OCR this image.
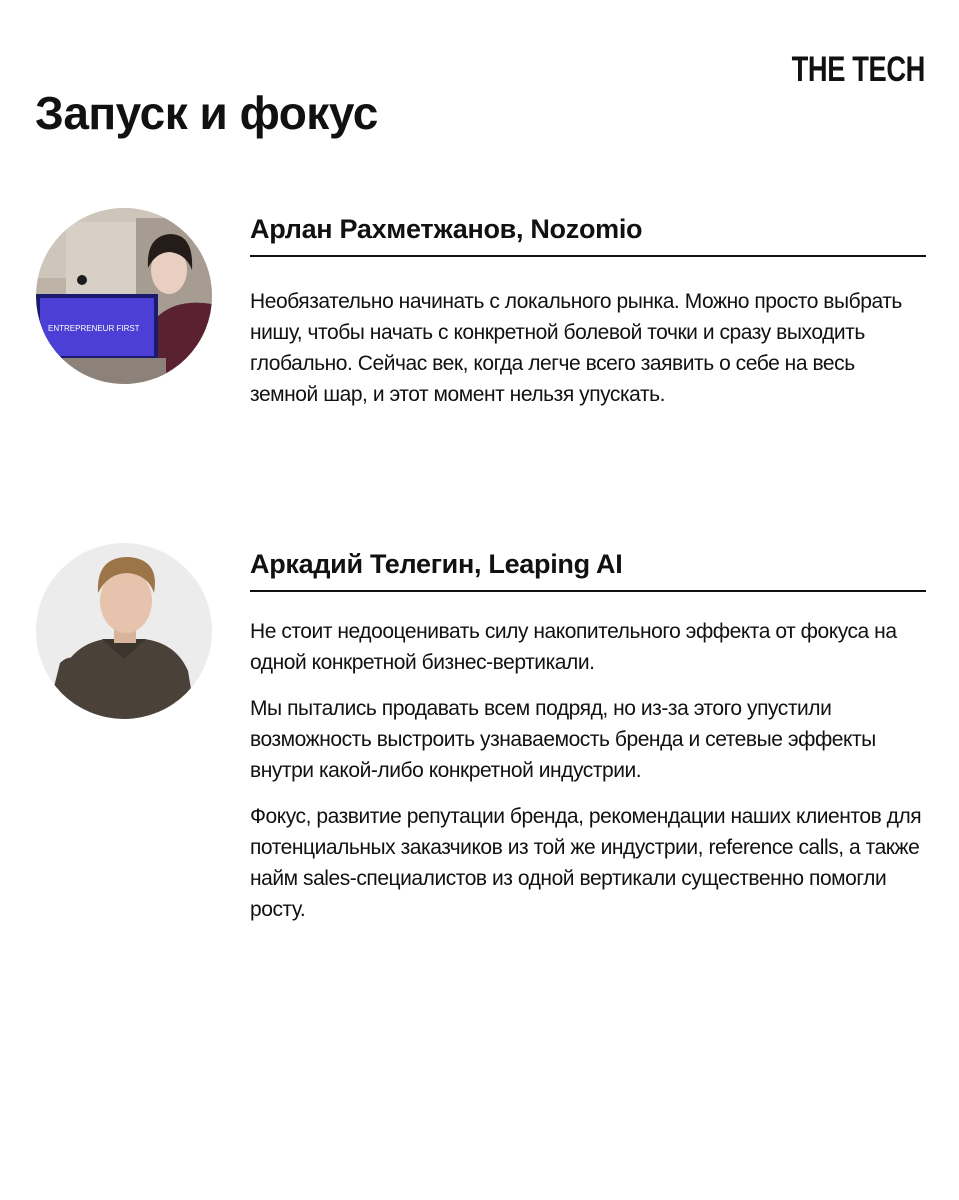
THE TECH
Запуск и фокус
ENTREPRENEUR FIRST
Арлан Рахметжанов, Nozomio

Необязательно начинать с локального рынка. Можно просто выбрать нишу, чтобы начать с конкретной болевой точки и сразу выходить глобально. Сейчас век, когда легче всего заявить о себе на весь земной шар, и этот момент нельзя упускать.

Аркадий Телегин, Leaping AI

Не стоит недооценивать силу накопительного эффекта от фокуса на одной конкретной бизнес-вертикали.

Мы пытались продавать всем подряд, но из-за этого упустили возможность выстроить узнаваемость бренда и сетевые эффекты внутри какой-либо конкретной индустрии.

Фокус, развитие репутации бренда, рекомендации наших клиентов для потенциальных заказчиков из той же индустрии, reference calls, а также найм sales-специалистов из одной вертикали существенно помогли росту.
